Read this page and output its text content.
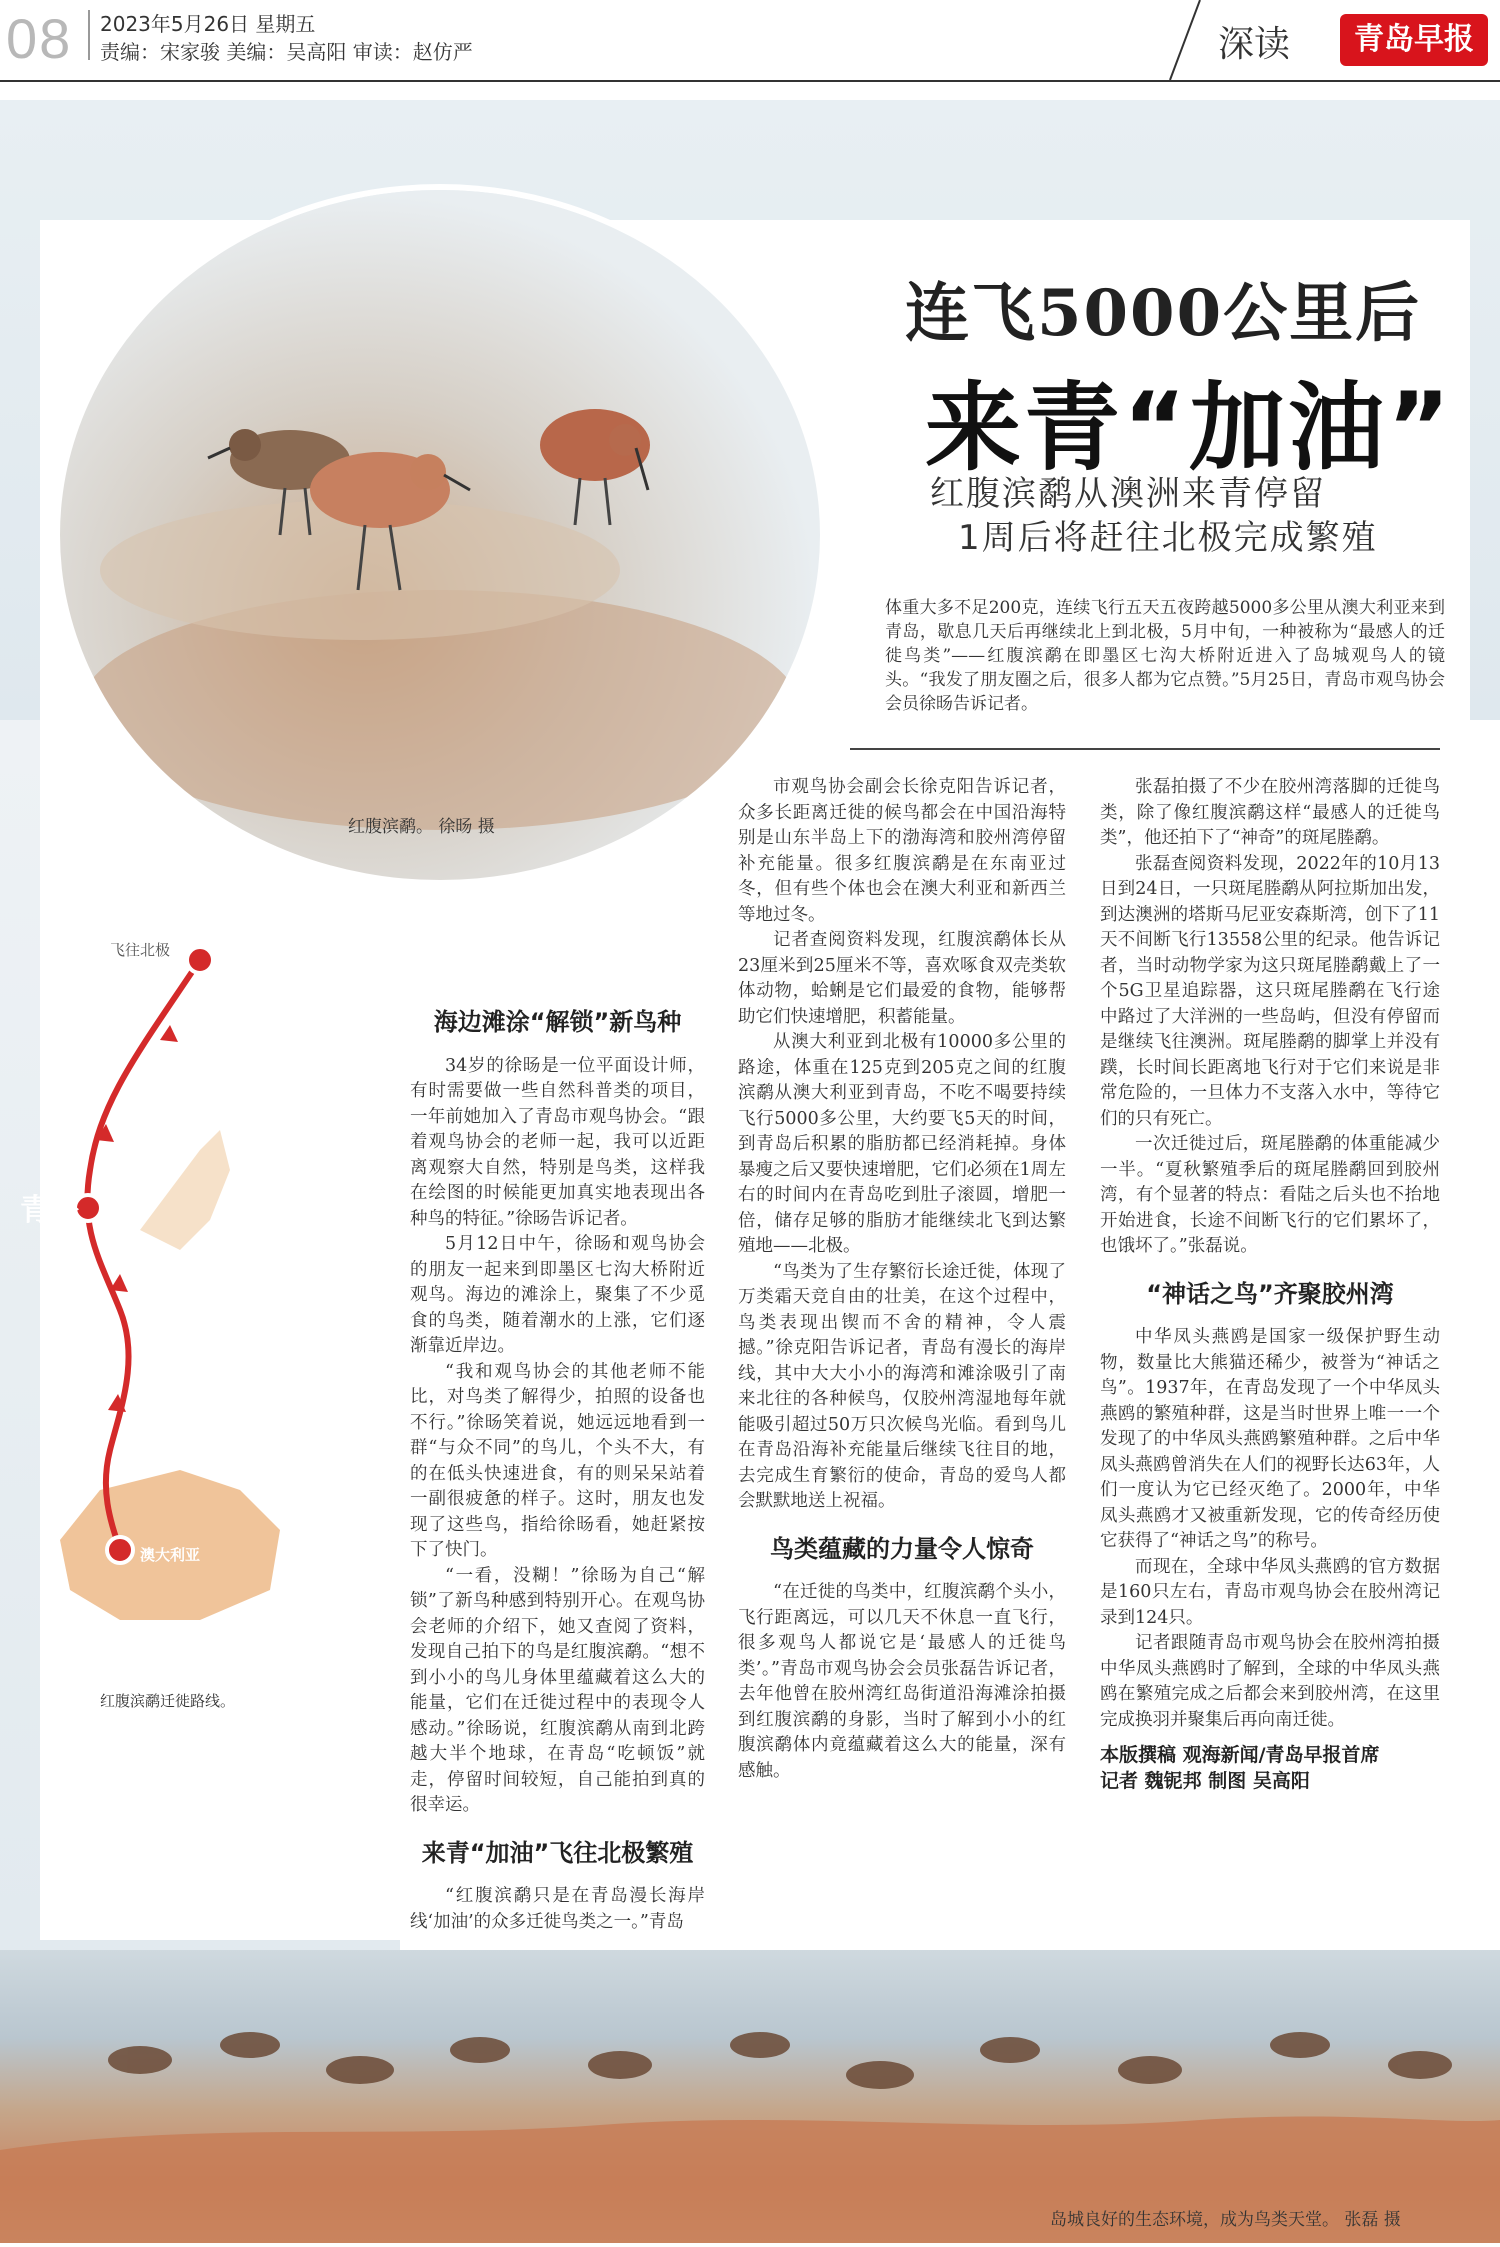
08 2023年5月26日 星期五
责编：宋家骏 美编：吴高阳 审读：赵仿严	深读	青岛早报
红腹滨鹬。 徐旸 摄
连飞5000公里后
来青“加油”
红腹滨鹬从澳洲来青停留
1周后将赶往北极完成繁殖
体重大多不足200克，连续飞行五天五夜跨越5000多公里从澳大利亚来到青岛，歇息几天后再继续北上到北极，5月中旬，一种被称为“最感人的迁徙鸟类”——红腹滨鹬在即墨区七沟大桥附近进入了岛城观鸟人的镜头。“我发了朋友圈之后，很多人都为它点赞。”5月25日，青岛市观鸟协会会员徐旸告诉记者。
飞往北极
青岛
澳大利亚
红腹滨鹬迁徙路线。
海边滩涂“解锁”新鸟种

34岁的徐旸是一位平面设计师，有时需要做一些自然科普类的项目，一年前她加入了青岛市观鸟协会。“跟着观鸟协会的老师一起，我可以近距离观察大自然，特别是鸟类，这样我在绘图的时候能更加真实地表现出各种鸟的特征。”徐旸告诉记者。

5月12日中午，徐旸和观鸟协会的朋友一起来到即墨区七沟大桥附近观鸟。海边的滩涂上，聚集了不少觅食的鸟类，随着潮水的上涨，它们逐渐靠近岸边。

“我和观鸟协会的其他老师不能比，对鸟类了解得少，拍照的设备也不行。”徐旸笑着说，她远远地看到一群“与众不同”的鸟儿，个头不大，有的在低头快速进食，有的则呆呆站着一副很疲惫的样子。这时，朋友也发现了这些鸟，指给徐旸看，她赶紧按下了快门。

“一看，没糊！”徐旸为自己“解锁”了新鸟种感到特别开心。在观鸟协会老师的介绍下，她又查阅了资料，发现自己拍下的鸟是红腹滨鹬。“想不到小小的鸟儿身体里蕴藏着这么大的能量，它们在迁徙过程中的表现令人感动。”徐旸说，红腹滨鹬从南到北跨越大半个地球，在青岛“吃顿饭”就走，停留时间较短，自己能拍到真的很幸运。

来青“加油”飞往北极繁殖

“红腹滨鹬只是在青岛漫长海岸线‘加油’的众多迁徙鸟类之一。”青岛

市观鸟协会副会长徐克阳告诉记者，众多长距离迁徙的候鸟都会在中国沿海特别是山东半岛上下的渤海湾和胶州湾停留补充能量。很多红腹滨鹬是在东南亚过冬，但有些个体也会在澳大利亚和新西兰等地过冬。

记者查阅资料发现，红腹滨鹬体长从23厘米到25厘米不等，喜欢啄食双壳类软体动物，蛤蜊是它们最爱的食物，能够帮助它们快速增肥，积蓄能量。

从澳大利亚到北极有10000多公里的路途，体重在125克到205克之间的红腹滨鹬从澳大利亚到青岛，不吃不喝要持续飞行5000多公里，大约要飞5天的时间，到青岛后积累的脂肪都已经消耗掉。身体暴瘦之后又要快速增肥，它们必须在1周左右的时间内在青岛吃到肚子滚圆，增肥一倍，储存足够的脂肪才能继续北飞到达繁殖地——北极。

“鸟类为了生存繁衍长途迁徙，体现了万类霜天竞自由的壮美，在这个过程中，鸟类表现出锲而不舍的精神，令人震撼。”徐克阳告诉记者，青岛有漫长的海岸线，其中大大小小的海湾和滩涂吸引了南来北往的各种候鸟，仅胶州湾湿地每年就能吸引超过50万只次候鸟光临。看到鸟儿在青岛沿海补充能量后继续飞往目的地，去完成生育繁衍的使命，青岛的爱鸟人都会默默地送上祝福。

鸟类蕴藏的力量令人惊奇

“在迁徙的鸟类中，红腹滨鹬个头小，飞行距离远，可以几天不休息一直飞行，很多观鸟人都说它是‘最感人的迁徙鸟类’。”青岛市观鸟协会会员张磊告诉记者，去年他曾在胶州湾红岛街道沿海滩涂拍摄到红腹滨鹬的身影，当时了解到小小的红腹滨鹬体内竟蕴藏着这么大的能量，深有感触。

张磊拍摄了不少在胶州湾落脚的迁徙鸟类，除了像红腹滨鹬这样“最感人的迁徙鸟类”，他还拍下了“神奇”的斑尾塍鹬。

张磊查阅资料发现，2022年的10月13日到24日，一只斑尾塍鹬从阿拉斯加出发，到达澳洲的塔斯马尼亚安森斯湾，创下了11天不间断飞行13558公里的纪录。他告诉记者，当时动物学家为这只斑尾塍鹬戴上了一个5G卫星追踪器，这只斑尾塍鹬在飞行途中路过了大洋洲的一些岛屿，但没有停留而是继续飞往澳洲。斑尾塍鹬的脚掌上并没有蹼，长时间长距离地飞行对于它们来说是非常危险的，一旦体力不支落入水中，等待它们的只有死亡。

一次迁徙过后，斑尾塍鹬的体重能减少一半。“夏秋繁殖季后的斑尾塍鹬回到胶州湾，有个显著的特点：看陆之后头也不抬地开始进食，长途不间断飞行的它们累坏了，也饿坏了。”张磊说。

“神话之鸟”齐聚胶州湾

中华凤头燕鸥是国家一级保护野生动物，数量比大熊猫还稀少，被誉为“神话之鸟”。1937年，在青岛发现了一个中华凤头燕鸥的繁殖种群，这是当时世界上唯一一个发现了的中华凤头燕鸥繁殖种群。之后中华凤头燕鸥曾消失在人们的视野长达63年，人们一度认为它已经灭绝了。2000年，中华凤头燕鸥才又被重新发现，它的传奇经历使它获得了“神话之鸟”的称号。

而现在，全球中华凤头燕鸥的官方数据是160只左右，青岛市观鸟协会在胶州湾记录到124只。

记者跟随青岛市观鸟协会在胶州湾拍摄中华凤头燕鸥时了解到，全球的中华凤头燕鸥在繁殖完成之后都会来到胶州湾，在这里完成换羽并聚集后再向南迁徙。

本版撰稿 观海新闻/青岛早报首席
记者 魏铌邦 制图 吴高阳
岛城良好的生态环境，成为鸟类天堂。 张磊 摄
